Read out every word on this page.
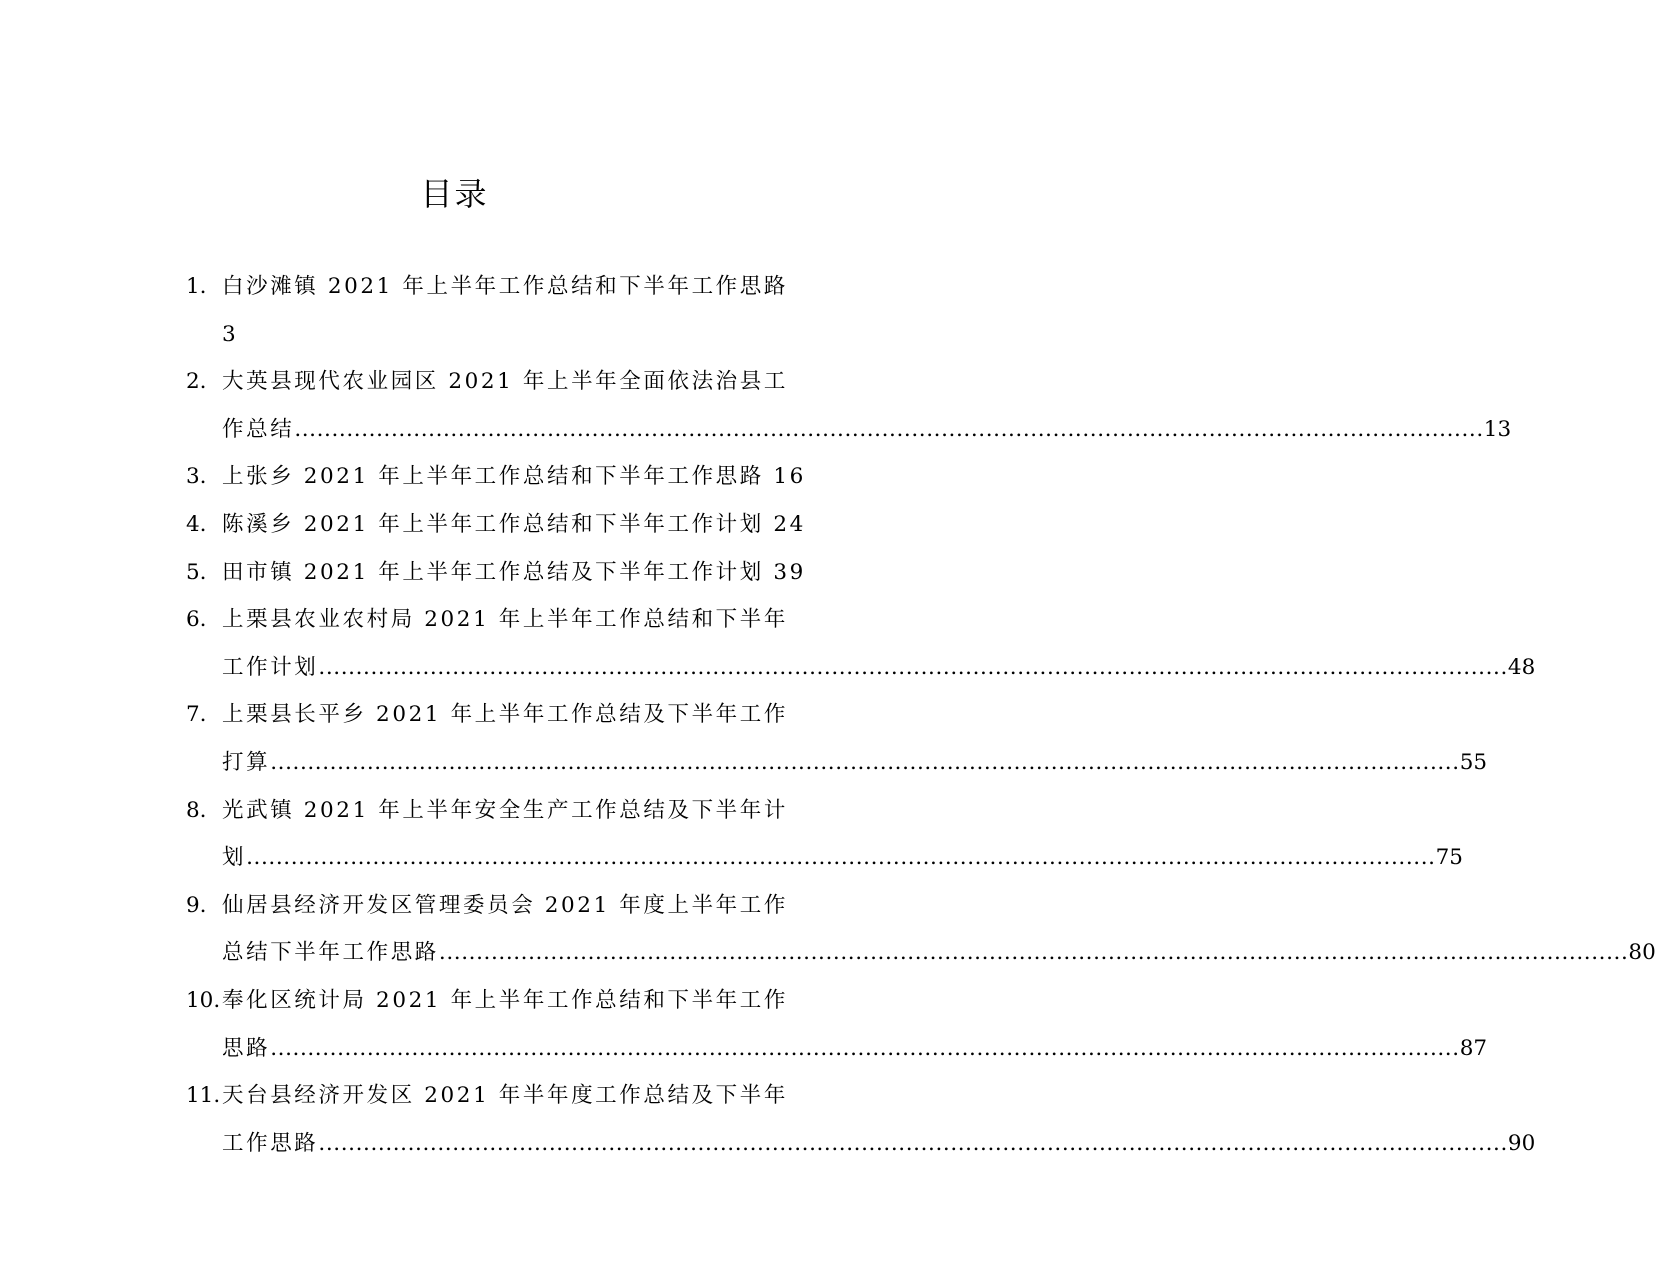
目录
1. 白沙滩镇 2021 年上半年工作总结和下半年工作思路
3
2. 大英县现代农业园区 2021 年上半年全面依法治县工
作总结 ................................................................................................................................................................ 13
3. 上张乡 2021 年上半年工作总结和下半年工作思路 16
4. 陈溪乡 2021 年上半年工作总结和下半年工作计划 24
5. 田市镇 2021 年上半年工作总结及下半年工作计划 39
6. 上栗县农业农村局 2021 年上半年工作总结和下半年
工作计划 ................................................................................................................................................................ 48
7. 上栗县长平乡 2021 年上半年工作总结及下半年工作
打算 ................................................................................................................................................................ 55
8. 光武镇 2021 年上半年安全生产工作总结及下半年计
划 ................................................................................................................................................................ 75
9. 仙居县经济开发区管理委员会 2021 年度上半年工作
总结下半年工作思路 ................................................................................................................................................................ 80
10. 奉化区统计局 2021 年上半年工作总结和下半年工作
思路 ................................................................................................................................................................ 87
11. 天台县经济开发区 2021 年半年度工作总结及下半年
工作思路 ................................................................................................................................................................ 90
